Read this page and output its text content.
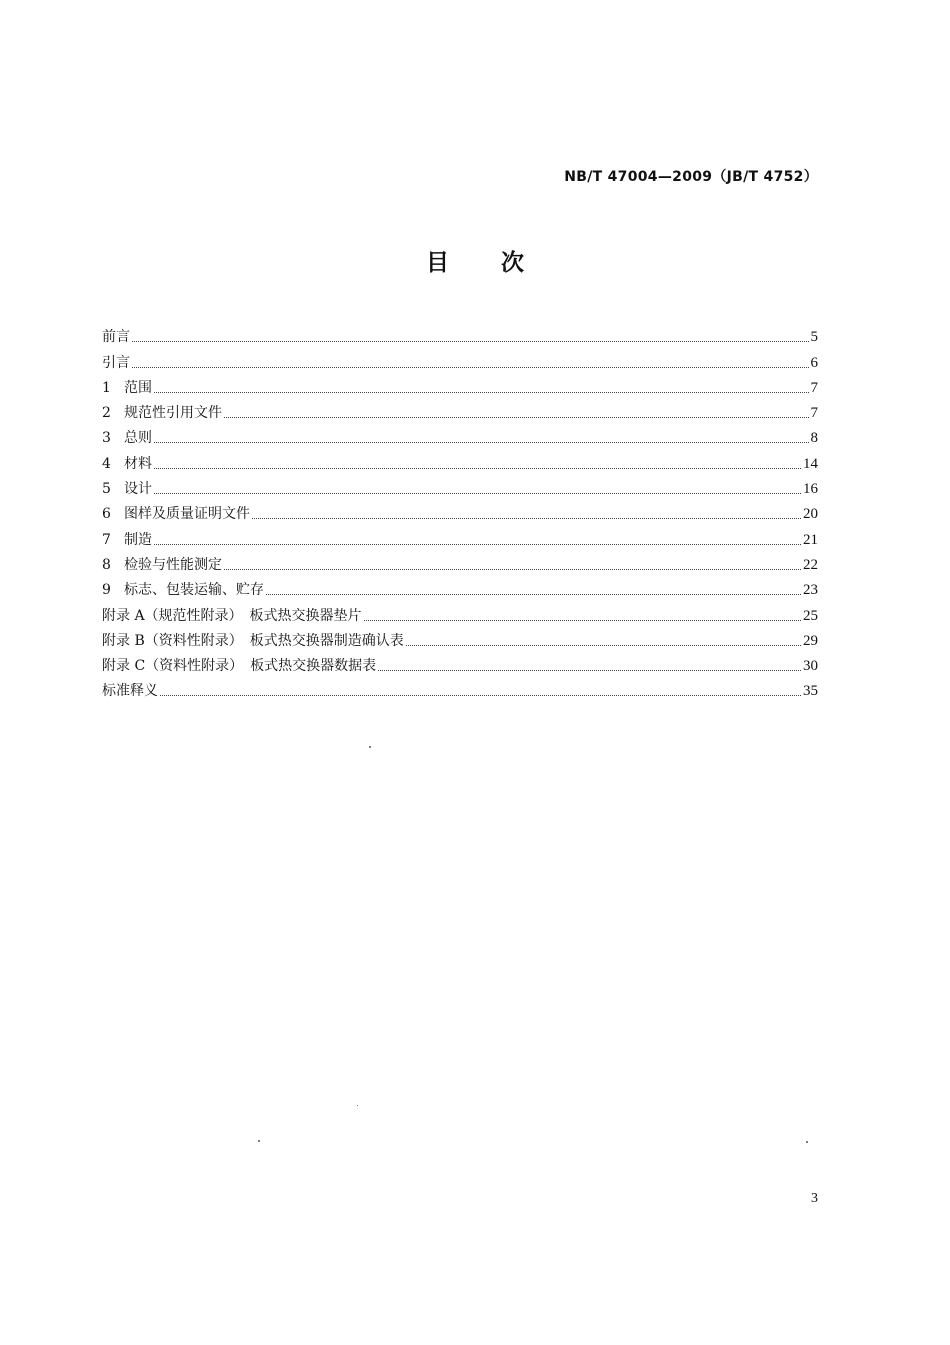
NB/T 47004—2009（JB/T 4752）
目次
前言	5
引言	6
1 范围	7
2 规范性引用文件	7
3 总则	8
4 材料	14
5 设计	16
6 图样及质量证明文件	20
7 制造	21
8 检验与性能测定	22
9 标志、包装运输、贮存	23
附录 A（规范性附录）　板式热交换器垫片	25
附录 B（资料性附录）　板式热交换器制造确认表	29
附录 C（资料性附录）　板式热交换器数据表	30
标准释义	35
3
